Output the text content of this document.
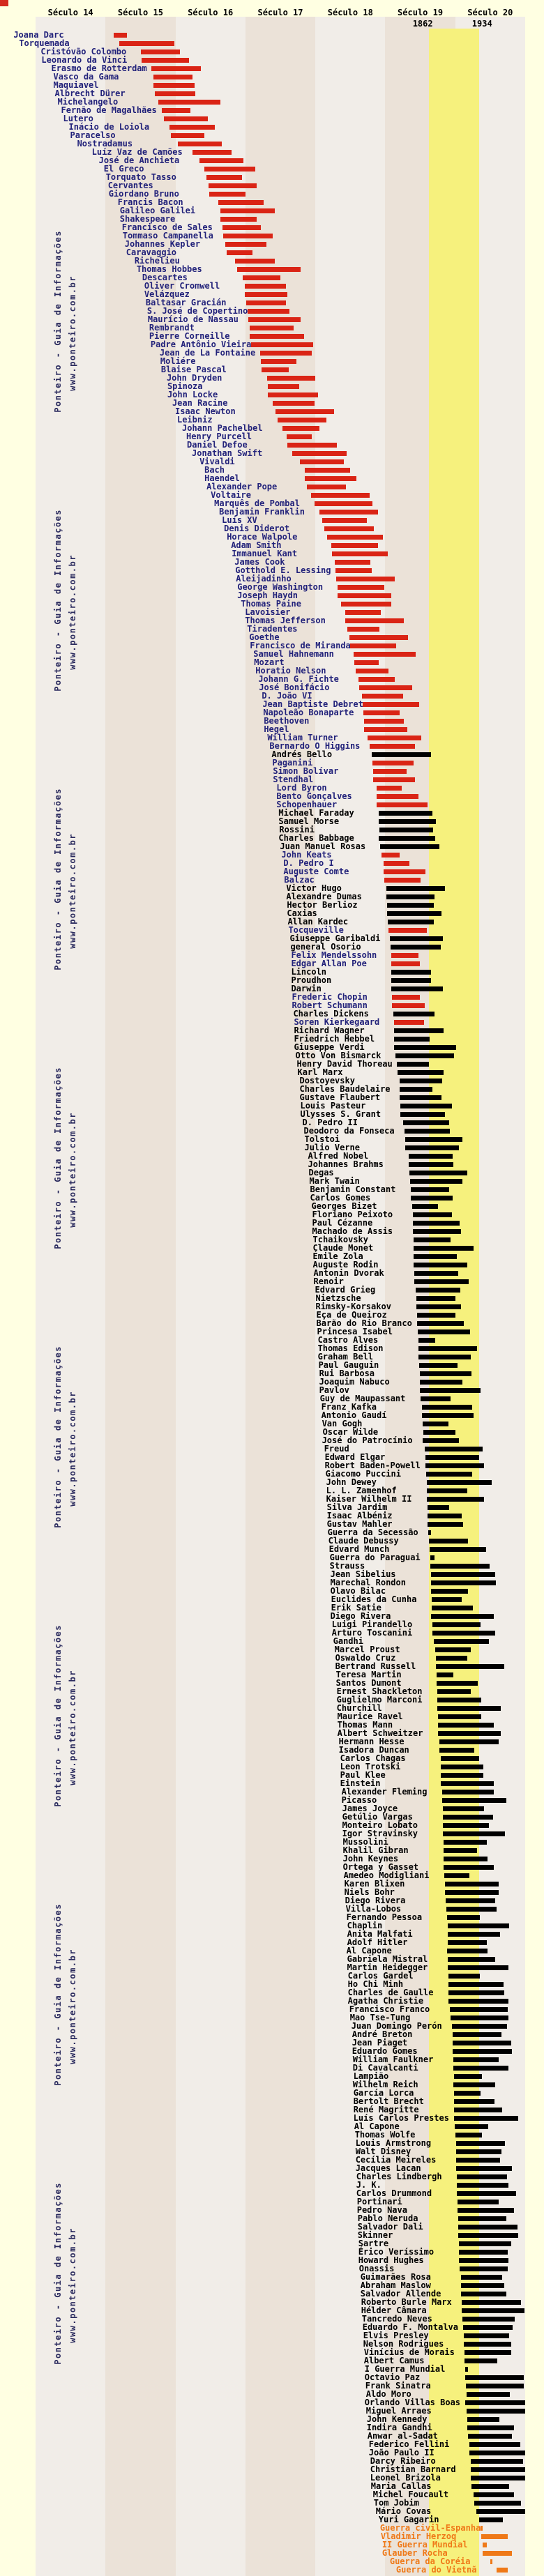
1862	1934
Século 14	Século 15	Século 16	Século 17	Século 18	Século 19	Século 20
Ponteiro - Guia de Informações www.ponteiro.com.br
Ponteiro - Guia de Informações www.ponteiro.com.br
Ponteiro - Guia de Informações www.ponteiro.com.br
Ponteiro - Guia de Informações www.ponteiro.com.br
Ponteiro - Guia de Informações www.ponteiro.com.br
Ponteiro - Guia de Informações www.ponteiro.com.br
Ponteiro - Guia de Informações www.ponteiro.com.br
Ponteiro - Guia de Informações www.ponteiro.com.br
Joana Darc
Torquemada
Cristóvão Colombo
Leonardo da Vinci
Erasmo de Rotterdam
Vasco da Gama
Maquiavel
Albrecht Dürer
Michelangelo
Fernão de Magalhães
Lutero
Inácio de Loiola
Paracelso
Nostradamus
Luíz Vaz de Camões
José de Anchieta
El Greco
Torquato Tasso
Cervantes
Giordano Bruno
Francis Bacon
Galileo Galilei
Shakespeare
Francisco de Sales
Tommaso Campanella
Johannes Kepler
Caravaggio
Richelieu
Thomas Hobbes
Descartes
Oliver Cromwell
Velázquez
Baltasar Gracián
S. José de Copertino
Maurício de Nassau
Rembrandt
Pierre Corneille
Padre Antônio Vieira
Jean de La Fontaine
Moliére
Blaise Pascal
John Dryden
Spinoza
John Locke
Jean Racine
Isaac Newton
Leibniz
Johann Pachelbel
Henry Purcell
Daniel Defoe
Jonathan Swift
Vivaldi
Bach
Haendel
Alexander Pope
Voltaire
Marquês de Pombal
Benjamin Franklin
Luís XV
Denis Diderot
Horace Walpole
Adam Smith
Immanuel Kant
James Cook
Gotthold E. Lessing
Aleijadinho
George Washington
Joseph Haydn
Thomas Paine
Lavoisier
Thomas Jefferson
Tiradentes
Goethe
Francisco de Miranda
Samuel Hahnemann
Mozart
Horatio Nelson
Johann G. Fichte
José Bonifácio
D. João VI
Jean Baptiste Debret
Napoleão Bonaparte
Beethoven
Hegel
William Turner
Bernardo O Higgins
Andrés Bello
Paganini
Simon Bolívar
Stendhal
Lord Byron
Bento Gonçalves
Schopenhauer
Michael Faraday
Samuel Morse
Rossini
Charles Babbage
Juan Manuel Rosas
John Keats
D. Pedro I
Auguste Comte
Balzac
Victor Hugo
Alexandre Dumas
Hector Berlioz
Caxias
Allan Kardec
Tocqueville
Giuseppe Garibaldi
general Osorio
Felix Mendelssohn
Edgar Allan Poe
Lincoln
Proudhon
Darwin
Frederic Chopin
Robert Schumann
Charles Dickens
Soren Kierkegaard
Richard Wagner
Friedrich Hebbel
Giuseppe Verdi
Otto Von Bismarck
Henry David Thoreau
Karl Marx
Dostoyevsky
Charles Baudelaire
Gustave Flaubert
Louis Pasteur
Ulysses S. Grant
D. Pedro II
Deodoro da Fonseca
Tolstoi
Julio Verne
Alfred Nobel
Johannes Brahms
Degas
Mark Twain
Benjamin Constant
Carlos Gomes
Georges Bizet
Floriano Peixoto
Paul Cézanne
Machado de Assis
Tchaikovsky
Claude Monet
Émile Zola
Auguste Rodin
Antonin Dvorak
Renoir
Edvard Grieg
Nietzsche
Rimsky-Korsakov
Eça de Queiroz
Barão do Rio Branco
Princesa Isabel
Castro Alves
Thomas Edison
Graham Bell
Paul Gauguin
Rui Barbosa
Joaquim Nabuco
Pavlov
Guy de Maupassant
Franz Kafka
Antonio Gaudí
Van Gogh
Oscar Wilde
José do Patrocínio
Freud
Edward Elgar
Robert Baden-Powell
Giacomo Puccini
John Dewey
L. L. Zamenhof
Kaiser Wilhelm II
Silva Jardim
Isaac Albéniz
Gustav Mahler
Guerra da Secessão
Claude Debussy
Edvard Munch
Guerra do Paraguai
Strauss
Jean Sibelius
Marechal Rondon
Olavo Bilac
Euclides da Cunha
Erik Satie
Diego Rivera
Luigi Pirandello
Arturo Toscanini
Gandhi
Marcel Proust
Oswaldo Cruz
Bertrand Russell
Teresa Martin
Santos Dumont
Ernest Shackleton
Guglielmo Marconi
Churchill
Maurice Ravel
Thomas Mann
Albert Schweitzer
Hermann Hesse
Isadora Duncan
Carlos Chagas
Leon Trotski
Paul Klee
Einstein
Alexander Fleming
Picasso
James Joyce
Getúlio Vargas
Monteiro Lobato
Igor Stravinsky
Mussolini
Khalil Gibran
John Keynes
Ortega y Gasset
Amedeo Modigliani
Karen Blixen
Niels Bohr
Diego Rivera
Villa-Lobos
Fernando Pessoa
Chaplin
Anita Malfati
Adolf Hitler
Al Capone
Gabriela Mistral
Martin Heidegger
Carlos Gardel
Ho Chi Minh
Charles de Gaulle
Agatha Christie
Francisco Franco
Mao Tse-Tung
Juan Domingo Perón
André Breton
Jean Piaget
Eduardo Gomes
William Faulkner
Di Cavalcanti
Lampião
Wilhelm Reich
García Lorca
Bertolt Brecht
René Magritte
Luís Carlos Prestes
Al Capone
Thomas Wolfe
Louis Armstrong
Walt Disney
Cecília Meireles
Jacques Lacan
Charles Lindbergh
J. K.
Carlos Drummond
Portinari
Pedro Nava
Pablo Neruda
Salvador Dali
Skinner
Sartre
Érico Veríssimo
Howard Hughes
Onassis
Guimarães Rosa
Abraham Maslow
Salvador Allende
Roberto Burle Marx
Hélder Câmara
Tancredo Neves
Eduardo F. Montalva
Elvis Presley
Nelson Rodrigues
Vinícius de Morais
Albert Camus
I Guerra Mundial
Octavio Paz
Frank Sinatra
Aldo Moro
Orlando Villas Boas
Miguel Arraes
John Kennedy
Indira Gandhi
Anwar al-Sadat
Federico Fellini
João Paulo II
Darcy Ribeiro
Christian Barnard
Leonel Brizola
Maria Callas
Michel Foucault
Tom Jobim
Mário Covas
Yuri Gagarin
Guerra civil-Espanha
Vladimir Herzog
II Guerra Mundial
Glauber Rocha
Guerra da Coréia
Guerra do Vietnã
